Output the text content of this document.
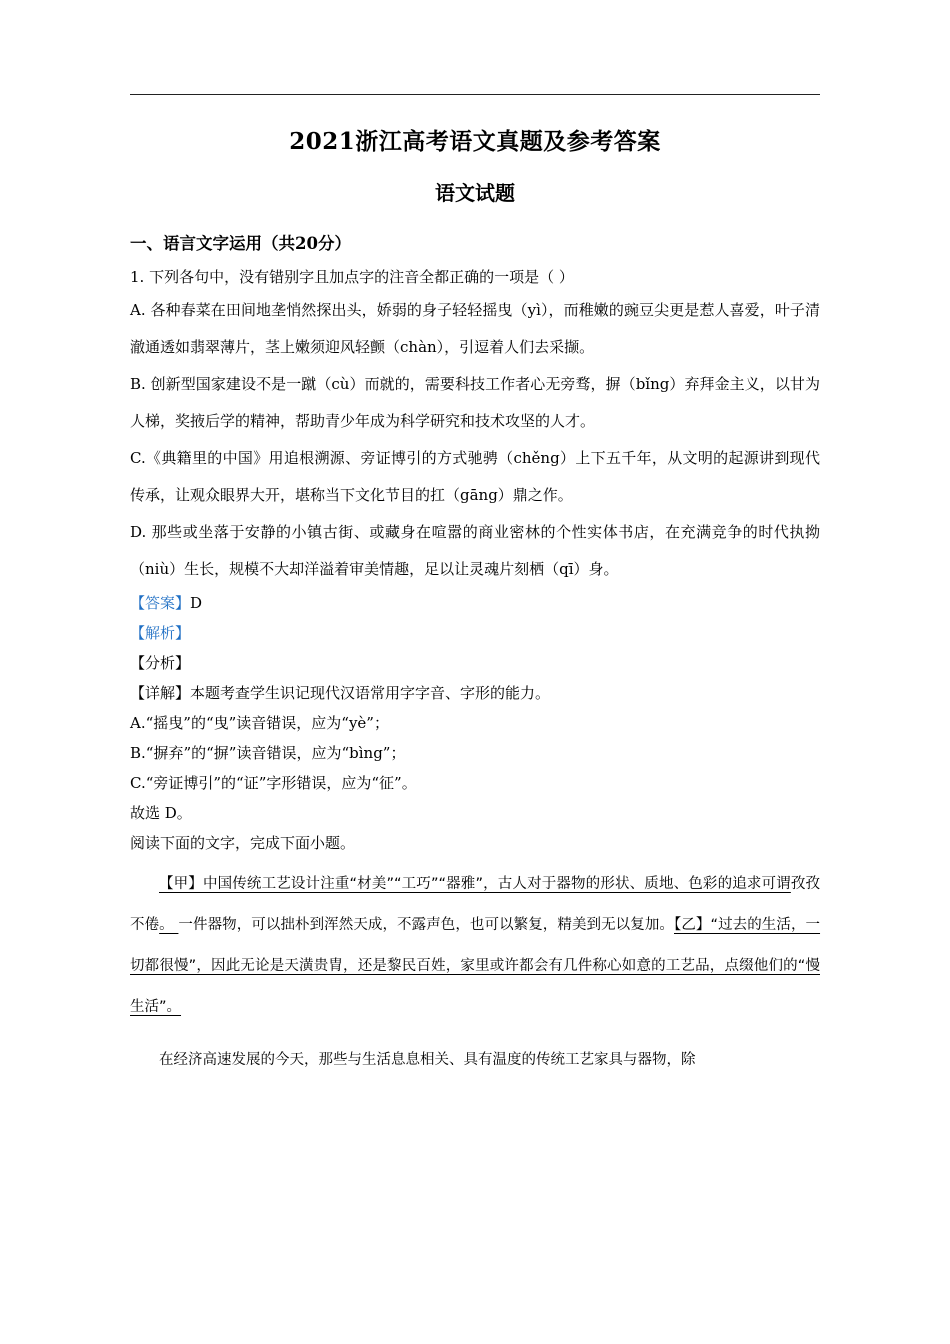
2021浙江高考语文真题及参考答案
语文试题
一、语言文字运用（共20分）

1. 下列各句中，没有错别字且加点字的注音全都正确的一项是（ ）

A. 各种春菜在田间地垄悄然探出头，娇弱的身子轻轻摇曳（yì），而稚嫩的豌豆尖更是惹人喜爱，叶子清澈通透如翡翠薄片，茎上嫩须迎风轻颤（chàn），引逗着人们去采撷。

B. 创新型国家建设不是一蹴（cù）而就的，需要科技工作者心无旁骛，摒（bǐng）弃拜金主义，以甘为人梯，奖掖后学的精神，帮助青少年成为科学研究和技术攻坚的人才。

C.《典籍里的中国》用追根溯源、旁证博引的方式驰骋（chěng）上下五千年，从文明的起源讲到现代传承，让观众眼界大开，堪称当下文化节目的扛（gāng）鼎之作。

D. 那些或坐落于安静的小镇古街、或藏身在喧嚣的商业密林的个性实体书店，在充满竞争的时代执拗（niù）生长，规模不大却洋溢着审美情趣，足以让灵魂片刻栖（qī）身。

【答案】D

【解析】

【分析】

【详解】本题考查学生识记现代汉语常用字字音、字形的能力。

A.“摇曳”的“曳”读音错误，应为“yè”；

B.“摒弃”的“摒”读音错误，应为“bìng”；

C.“旁证博引”的“证”字形错误，应为“征”。

故选 D。

阅读下面的文字，完成下面小题。

【甲】中国传统工艺设计注重“材美”“工巧”“器雅”，古人对于器物的形状、质地、色彩的追求可谓孜孜不倦。 一件器物，可以拙朴到浑然天成，不露声色，也可以繁复，精美到无以复加。【乙】“过去的生活，一切都很慢”，因此无论是天潢贵胄，还是黎民百姓，家里或许都会有几件称心如意的工艺品，点缀他们的“慢生活”。

在经济高速发展的今天，那些与生活息息相关、具有温度的传统工艺家具与器物，除
